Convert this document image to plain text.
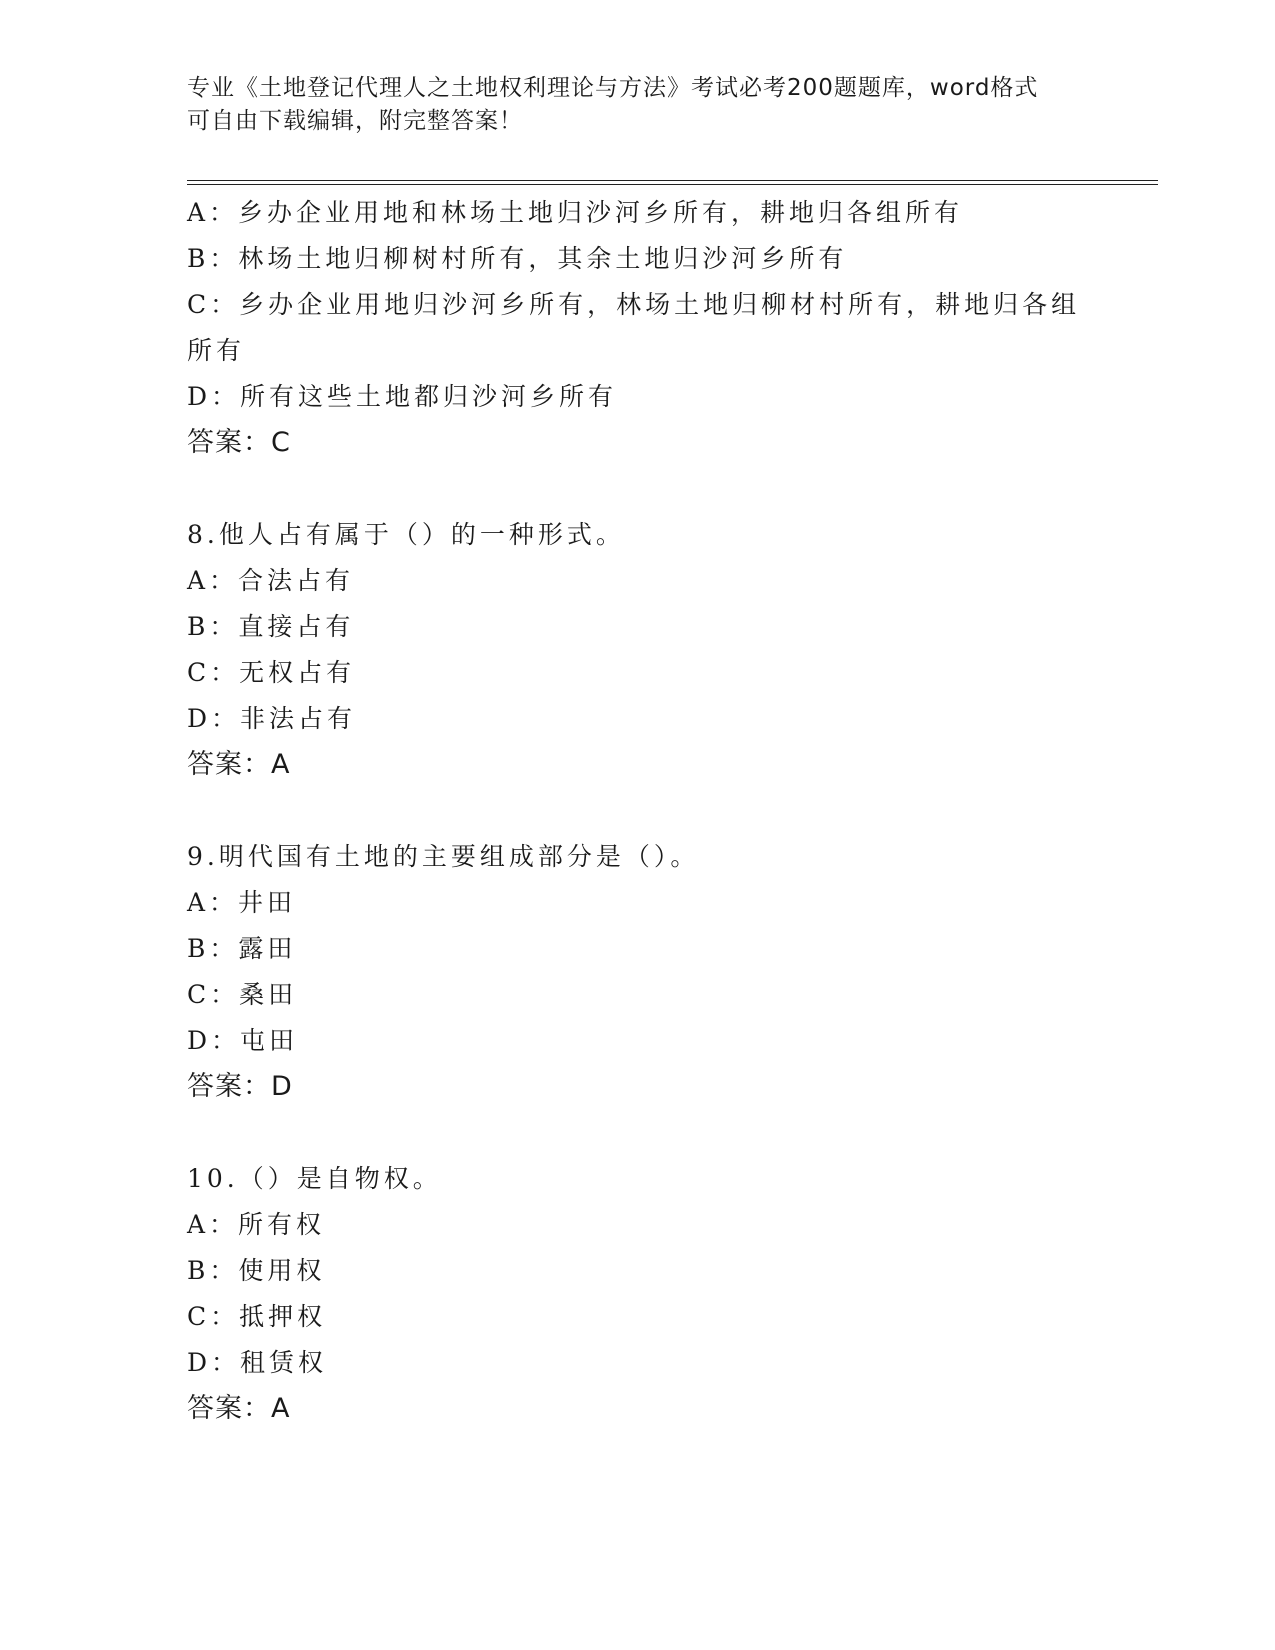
专业《土地登记代理人之土地权利理论与方法》考试必考200题题库，word格式
可自由下载编辑，附完整答案！
A：乡办企业用地和林场土地归沙河乡所有，耕地归各组所有
B：林场土地归柳树村所有，其余土地归沙河乡所有
C：乡办企业用地归沙河乡所有，林场土地归柳材村所有，耕地归各组
所有
D：所有这些土地都归沙河乡所有
答案：C
8.他人占有属于（）的一种形式。
A：合法占有
B：直接占有
C：无权占有
D：非法占有
答案：A
9.明代国有土地的主要组成部分是（）。
A：井田
B：露田
C：桑田
D：屯田
答案：D
10.（）是自物权。
A：所有权
B：使用权
C：抵押权
D：租赁权
答案：A
